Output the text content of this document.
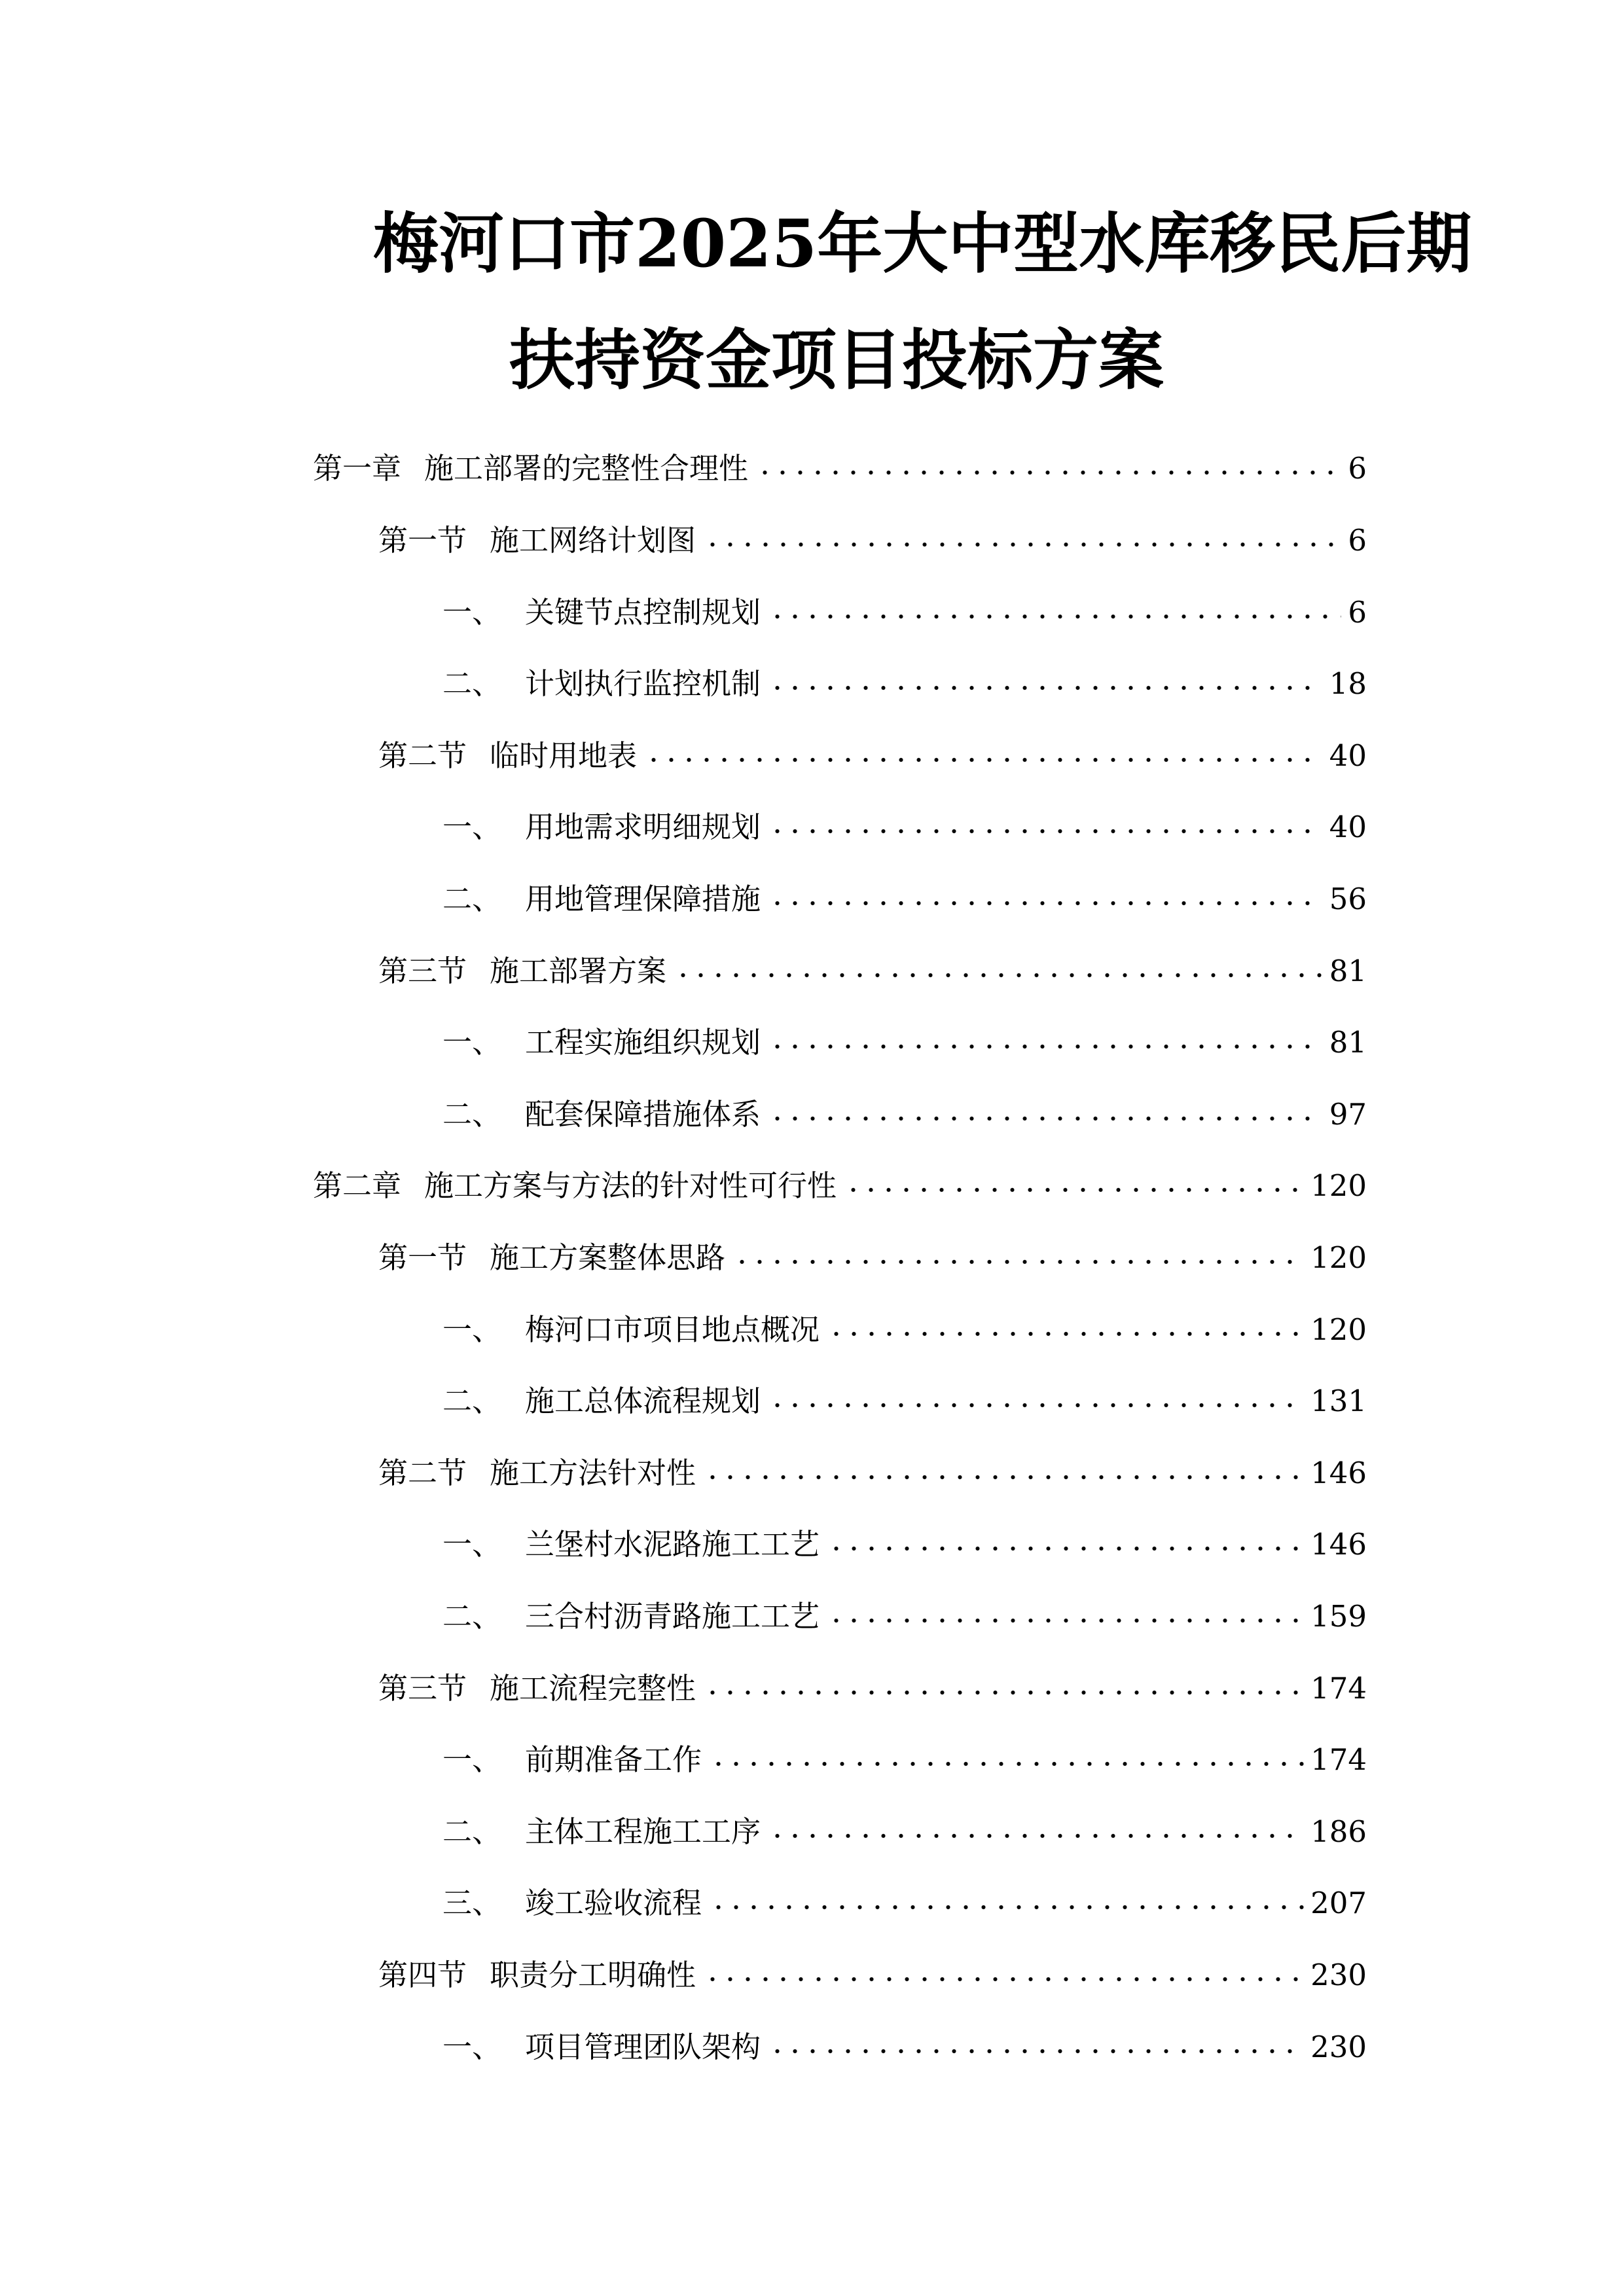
梅河口市2025年大中型水库移民后期
扶持资金项目投标方案
第一章 施工部署的完整性合理性	6
第一节 施工网络计划图	6
一、 关键节点控制规划	6
二、 计划执行监控机制	18
第二节 临时用地表	40
一、 用地需求明细规划	40
二、 用地管理保障措施	56
第三节 施工部署方案	81
一、 工程实施组织规划	81
二、 配套保障措施体系	97
第二章 施工方案与方法的针对性可行性	120
第一节 施工方案整体思路	120
一、 梅河口市项目地点概况	120
二、 施工总体流程规划	131
第二节 施工方法针对性	146
一、 兰堡村水泥路施工工艺	146
二、 三合村沥青路施工工艺	159
第三节 施工流程完整性	174
一、 前期准备工作	174
二、 主体工程施工工序	186
三、 竣工验收流程	207
第四节 职责分工明确性	230
一、 项目管理团队架构	230
